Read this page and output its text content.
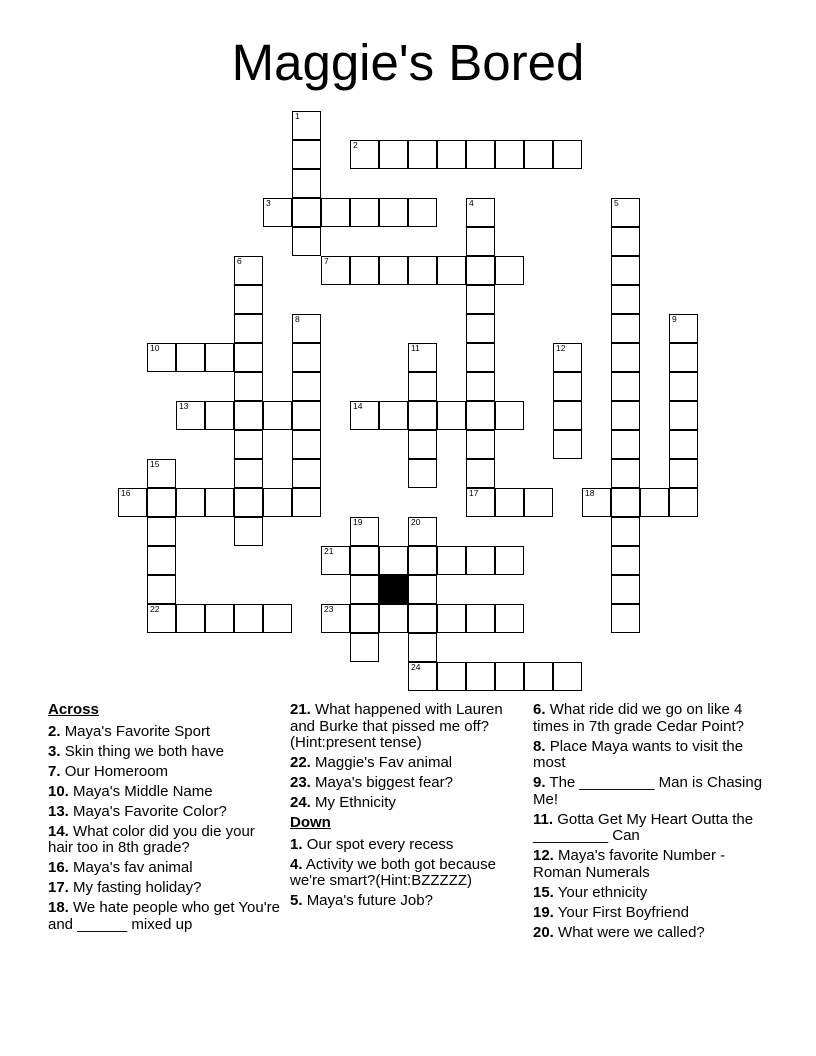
Maggie's Bored
1
2
3	4
17
5
6	7
8	9
10	11	12
13	14
15
22
16	18
19	20
21
23
24
Across
2. Maya's Favorite Sport
3. Skin thing we both have
7. Our Homeroom
10. Maya's Middle Name
13. Maya's Favorite Color?
14. What color did you die your hair too in 8th grade?
16. Maya's fav animal
17. My fasting holiday?
18. We hate people who get You're and ______ mixed up
21. What happened with Lauren and Burke that pissed me off?(Hint:present tense)
22. Maggie's Fav animal
23. Maya's biggest fear?
24. My Ethnicity
Down
1. Our spot every recess
4. Activity we both got because we're smart?(Hint:BZZZZZ)
5. Maya's future Job?
6. What ride did we go on like 4 times in 7th grade Cedar Point?
8. Place Maya wants to visit the most
9. The _________ Man is Chasing Me!
11. Gotta Get My Heart Outta the _________ Can
12. Maya's favorite Number - Roman Numerals
15. Your ethnicity
19. Your First Boyfriend
20. What were we called?
